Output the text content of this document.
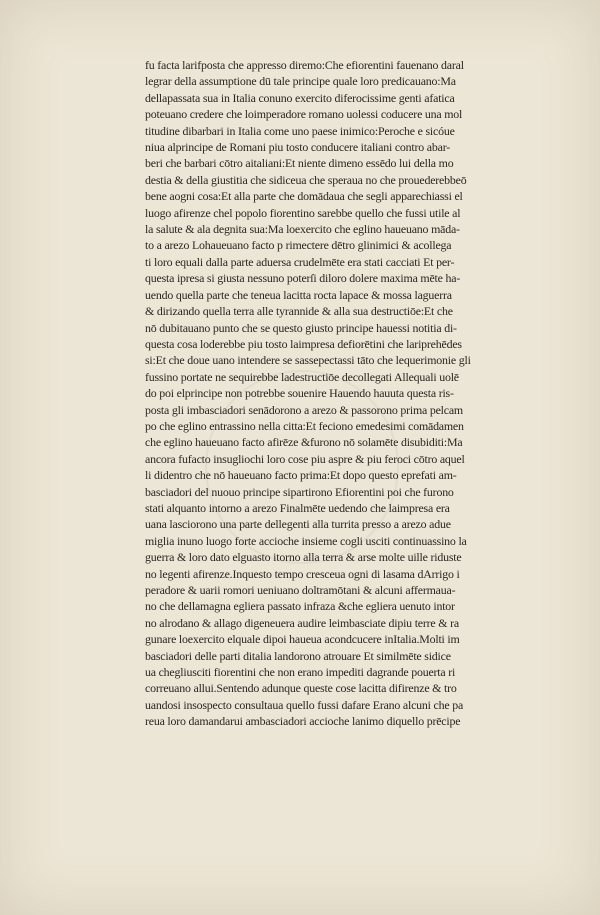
fu facta larifposta che appresso diremo:Che efiorentini fauenano daral
legrar della assumptione dū tale principe quale loro predicauano:Ma
dellapassata sua in Italia conuno exercito diferocissime genti afatica
poteuano credere che loimperadore romano uolessi coducere una mol
titudine dibarbari in Italia come uno paese inimico:Peroche e sicóue
niua alprincipe de Romani piu tosto conducere italiani contro abar-
beri che barbari cōtro aitaliani:Et niente dimeno essēdo lui della mo
destia & della giustitia che sidiceua che speraua no che prouederebbeō
bene aogni cosa:Et alla parte che domādaua che segli apparechiassi el
luogo afirenze chel popolo fiorentino sarebbe quello che fussi utile al
la salute & ala degnita sua:Ma loexercito che eglino haueuano māda-
to a arezo Lohaueuano facto p rimectere dētro glinimici & acollega
ti loro equali dalla parte aduersa crudelmēte era stati cacciati Et per-
questa ipresa si giusta nessuno poterſi diloro dolere maxima mēte ha-
uendo quella parte che teneua lacitta rocta lapace & mossa laguerra
& dirizando quella terra alle tyrannide & alla sua destructiōe:Et che
nō dubitauano punto che se questo giusto principe hauessi notitia di-
questa cosa loderebbe piu tosto laimpresa defiorētini che lariprehēdes
si:Et che doue uano intendere se sassepectassi tāto che lequerimonie gli
fussino portate ne sequirebbe ladestructiōe decollegati Allequali uolē
do poi elprincipe non potrebbe souenire Hauendo hauuta questa ris-
posta gli imbasciadori senādorono a arezo & passorono prima pelcam
po che eglino entrassino nella citta:Et feciono emedesimi comādamen
che eglino haueuano facto afirēze &furono nō solamēte disubiditi:Ma
ancora fufacto insugliochi loro cose piu aspre & piu feroci cōtro aquel
li didentro che nō haueuano facto prima:Et dopo questo eprefati am-
basciadori del nuouo principe sipartirono Efiorentini poi che furono
stati alquanto intorno a arezo Finalmēte uedendo che laimpresa era
uana lasciorono una parte dellegenti alla turrita presso a arezo adue
miglia inuno luogo forte accioche insieme cogli usciti continuassino la
guerra & loro dato elguasto itorno alla terra & arse molte uille riduste
no legenti afirenze.Inquesto tempo cresceua ogni di lasama dArrigo i
peradore & uarii romori ueniuano doltramōtani & alcuni affermaua-
no che dellamagna egliera passato infraza &che egliera uenuto intor
no alrodano & allago digeneuera audire leimbasciate dipiu terre & ra
gunare loexercito elquale dipoi haueua acondcucere inItalia.Molti im
basciadori delle parti ditalia landorono atrouare Et similmēte sidice
ua chegliusciti fiorentini che non erano impediti dagrande pouerta ri
correuano allui.Sentendo adunque queste cose lacitta difirenze & tro
uandosi insospecto consultaua quello fussi dafare Erano alcuni che pa
reua loro damandarui ambasciadori accioche lanimo diquello prēcipe
